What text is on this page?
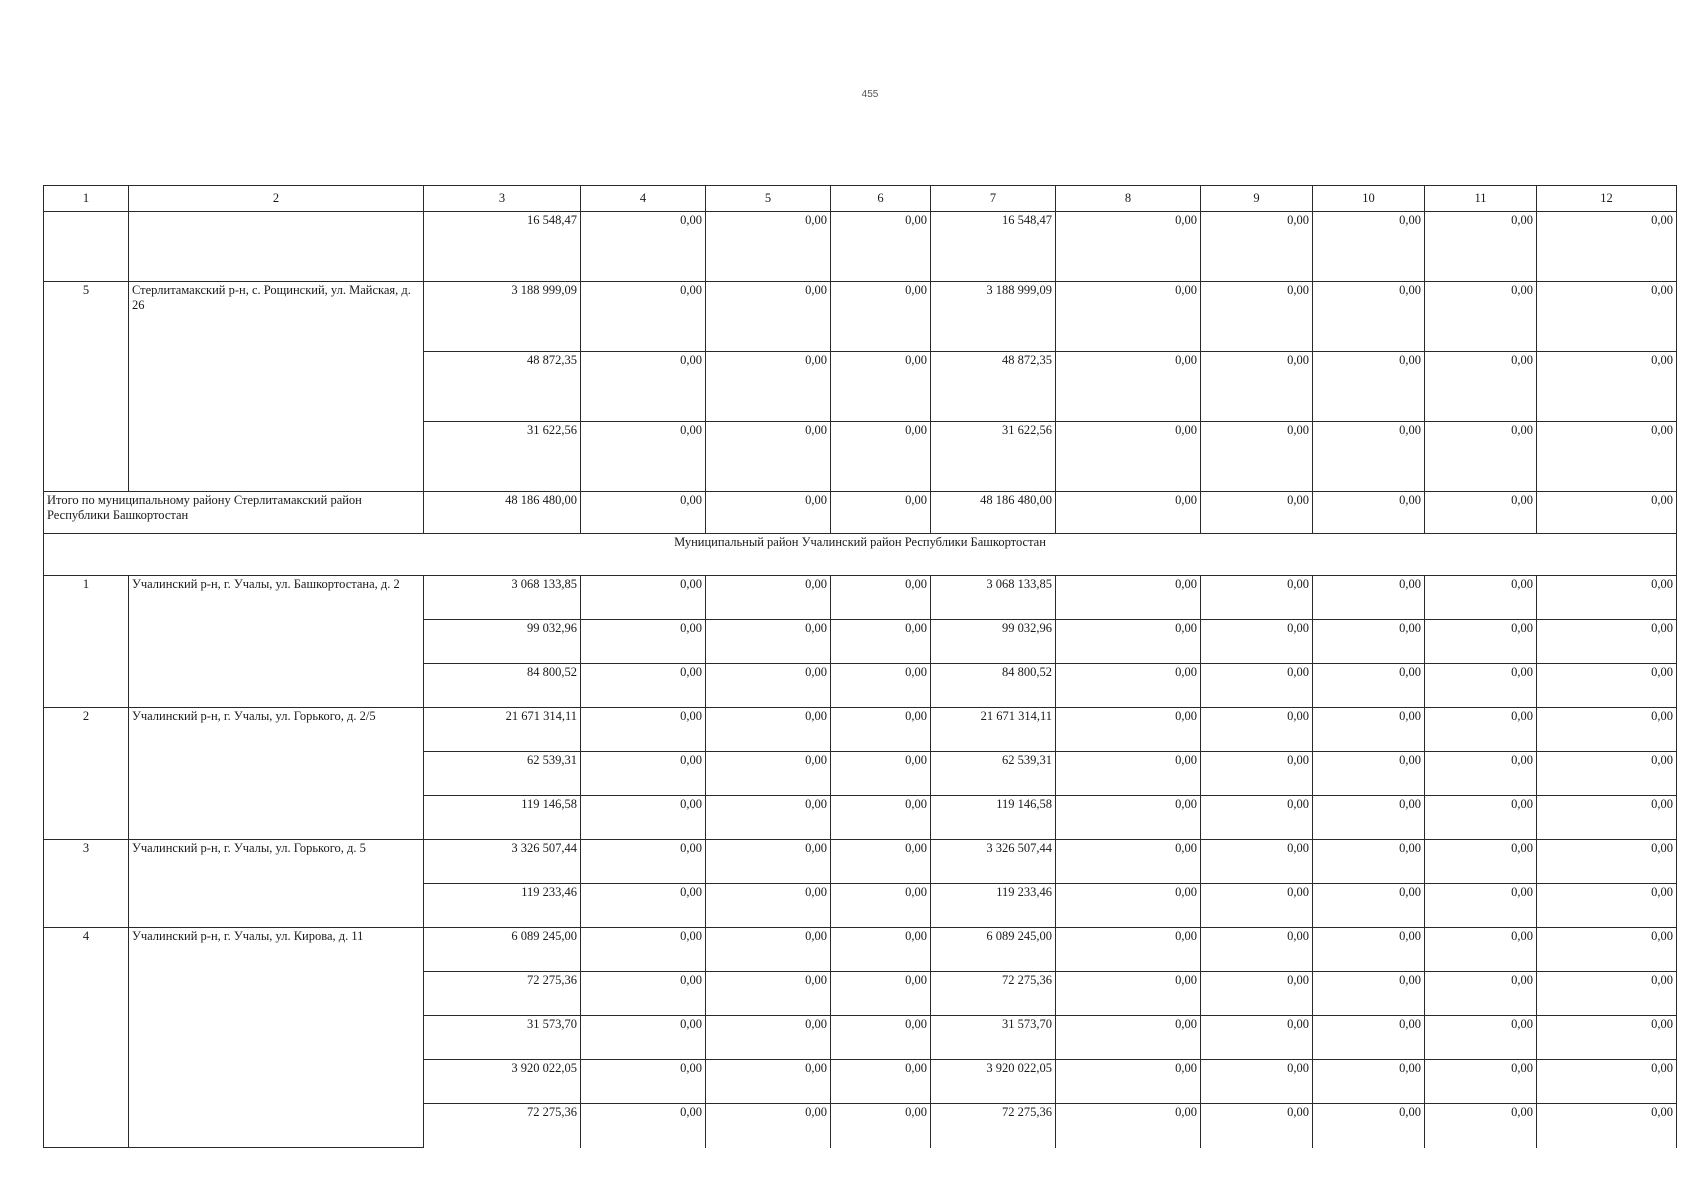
455
1	2	3	4	5	6	7	8	9	10	11	12
		16 548,47	0,00	0,00	0,00	16 548,47	0,00	0,00	0,00	0,00	0,00
5	Стерлитамакский р-н, с. Рощинский, ул. Майская, д. 26	3 188 999,09	0,00	0,00	0,00	3 188 999,09	0,00	0,00	0,00	0,00	0,00
		48 872,35	0,00	0,00	0,00	48 872,35	0,00	0,00	0,00	0,00	0,00
		31 622,56	0,00	0,00	0,00	31 622,56	0,00	0,00	0,00	0,00	0,00
Итого по муниципальному району Стерлитамакский район Республики Башкортостан		48 186 480,00	0,00	0,00	0,00	48 186 480,00	0,00	0,00	0,00	0,00	0,00
Муниципальный район Учалинский район Республики Башкортостан											
1	Учалинский р-н, г. Учалы, ул. Башкортостана, д. 2	3 068 133,85	0,00	0,00	0,00	3 068 133,85	0,00	0,00	0,00	0,00	0,00
		99 032,96	0,00	0,00	0,00	99 032,96	0,00	0,00	0,00	0,00	0,00
		84 800,52	0,00	0,00	0,00	84 800,52	0,00	0,00	0,00	0,00	0,00
2	Учалинский р-н, г. Учалы, ул. Горького, д. 2/5	21 671 314,11	0,00	0,00	0,00	21 671 314,11	0,00	0,00	0,00	0,00	0,00
		62 539,31	0,00	0,00	0,00	62 539,31	0,00	0,00	0,00	0,00	0,00
		119 146,58	0,00	0,00	0,00	119 146,58	0,00	0,00	0,00	0,00	0,00
3	Учалинский р-н, г. Учалы, ул. Горького, д. 5	3 326 507,44	0,00	0,00	0,00	3 326 507,44	0,00	0,00	0,00	0,00	0,00
		119 233,46	0,00	0,00	0,00	119 233,46	0,00	0,00	0,00	0,00	0,00
4	Учалинский р-н, г. Учалы, ул. Кирова, д. 11	6 089 245,00	0,00	0,00	0,00	6 089 245,00	0,00	0,00	0,00	0,00	0,00
		72 275,36	0,00	0,00	0,00	72 275,36	0,00	0,00	0,00	0,00	0,00
		31 573,70	0,00	0,00	0,00	31 573,70	0,00	0,00	0,00	0,00	0,00
		3 920 022,05	0,00	0,00	0,00	3 920 022,05	0,00	0,00	0,00	0,00	0,00
		72 275,36	0,00	0,00	0,00	72 275,36	0,00	0,00	0,00	0,00	0,00
